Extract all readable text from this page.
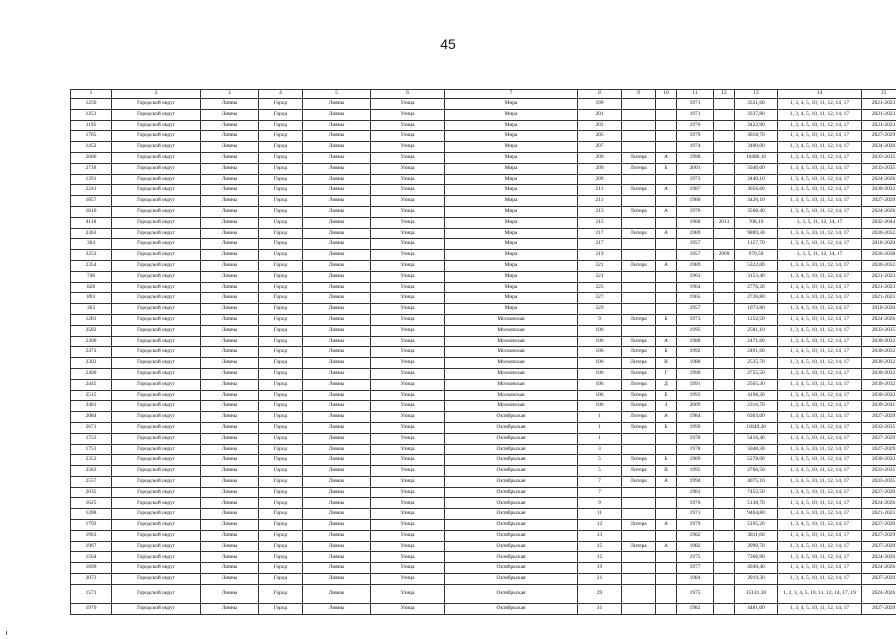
45
1	2	3	4	5	6	7	8	9	10	11	12	13	14	15
1250	Городской округ	Ливны	Город	Ливны	Улица	Мира	199			1971		3331,60	1, 3, 4, 5, 10, 11, 12, 14, 17	2021-2023
1251	Городской округ	Ливны	Город	Ливны	Улица	Мира	201			1971		3337,80	1, 3, 4, 5, 10, 11, 12, 14, 17	2021-2023
1195	Городской округ	Ливны	Город	Ливны	Улица	Мира	203			1970		3422,90	1, 3, 4, 5, 10, 11, 12, 14, 17	2021-2023
1785	Городской округ	Ливны	Город	Ливны	Улица	Мира	205			1979		3618,70	1, 3, 4, 5, 10, 11, 12, 14, 17	2027-2029
1452	Городской округ	Ливны	Город	Ливны	Улица	Мира	207			1974		3400,00	1, 3, 4, 5, 10, 11, 12, 14, 17	2024-2026
2666	Городской округ	Ливны	Город	Ливны	Улица	Мира	209	Литера	А	1998		10480,10	1, 3, 4, 5, 10, 11, 12, 14, 17	2033-2035
2718	Городской округ	Ливны	Город	Ливны	Улица	Мира	209	Литера	Б	2001		5640,00	1, 3, 4, 5, 10, 11, 12, 14, 17	2033-2035
1391	Городской округ	Ливны	Город	Ливны	Улица	Мира	209			1973		3440,10	1, 3, 4, 5, 10, 11, 12, 14, 17	2024-2026
2241	Городской округ	Ливны	Город	Ливны	Улица	Мира	211	Литера	А	1987		3056,60	1, 3, 4, 5, 10, 11, 12, 14, 17	2030-2032
1857	Городской округ	Ливны	Город	Ливны	Улица	Мира	211			1980		3426,10	1, 3, 4, 5, 10, 11, 12, 14, 17	2027-2029
1610	Городской округ	Ливны	Город	Ливны	Улица	Мира	213	Литера	А	1976		3568,40	1, 3, 4, 5, 10, 11, 12, 14, 17	2024-2026
4118	Городской округ	Ливны	Город	Ливны	Улица	Мира	215			1960	2013	708,10	1, 3, 5, 11, 12, 14, 17	2042-2044
2363	Городской округ	Ливны	Город	Ливны	Улица	Мира	217	Литера	А	1989		9889,30	1, 3, 4, 5, 10, 11, 12, 14, 17	2030-2032
364	Городской округ	Ливны	Город	Ливны	Улица	Мира	217			1957		1127,70	1, 3, 4, 5, 10, 11, 12, 14, 17	2018-2020
3253	Городской округ	Ливны	Город	Ливны	Улица	Мира	219			1957	2009	979,50	1, 3, 5, 11, 12, 14, 17	2036-2038
2354	Городской округ	Ливны	Город	Ливны	Улица	Мира	221	Литера	А	1989		5322,00	1, 3, 4, 5, 10, 11, 12, 14, 17	2030-2032
746	Городской округ	Ливны	Город	Ливны	Улица	Мира	221			1963		3153,40	1, 3, 4, 5, 10, 11, 12, 14, 17	2021-2023
828	Городской округ	Ливны	Город	Ливны	Улица	Мира	225			1964		2776,20	1, 3, 4, 5, 10, 11, 12, 14, 17	2021-2023
893	Городской округ	Ливны	Город	Ливны	Улица	Мира	227			1965		2726,80	1, 3, 4, 5, 10, 11, 12, 14, 17	2021-2023
363	Городской округ	Ливны	Город	Ливны	Улица	Мира	229			1957		1073,80	1, 3, 4, 5, 10, 11, 12, 14, 17	2018-2020
1281	Городской округ	Ливны	Город	Ливны	Улица	Московская	9	Литера	Б	1973		1252,50	1, 3, 4, 5, 10, 11, 12, 14, 17	2024-2026
2582	Городской округ	Ливны	Город	Ливны	Улица	Московская	100			1995		2581,10	1, 3, 4, 5, 10, 11, 12, 14, 17	2033-2035
2300	Городской округ	Ливны	Город	Ливны	Улица	Московская	106	Литера	А	1988		2471,60	1, 3, 4, 5, 10, 11, 12, 14, 17	2030-2032
2473	Городской округ	Ливны	Город	Ливны	Улица	Московская	106	Литера	Б	1992		2491,60	1, 3, 4, 5, 10, 11, 12, 14, 17	2030-2032
2302	Городской округ	Ливны	Город	Ливны	Улица	Московская	106	Литера	В	1988		2535,70	1, 3, 4, 5, 10, 11, 12, 14, 17	2030-2032
2400	Городской округ	Ливны	Город	Ливны	Улица	Московская	106	Литера	Г	1990		2755,50	1, 3, 4, 5, 10, 11, 12, 14, 17	2030-2032
2445	Городской округ	Ливны	Город	Ливны	Улица	Московская	106	Литера	Д	1991		2565,30	1, 3, 4, 5, 10, 11, 12, 14, 17	2030-2032
2515	Городской округ	Ливны	Город	Ливны	Улица	Московская	106	Литера	Е	1993		4198,30	1, 3, 4, 5, 10, 11, 12, 14, 17	2030-2032
3481	Городской округ	Ливны	Город	Ливны	Улица	Московская	106	Литера	З	2009		2316,70	1, 3, 4, 5, 10, 11, 12, 14, 17	2039-2041
2084	Городской округ	Ливны	Город	Ливны	Улица	Октябрьская	1	Литера	А	1984		6363,00	1, 3, 4, 5, 10, 11, 12, 14, 17	2027-2029
2671	Городской округ	Ливны	Город	Ливны	Улица	Октябрьская	1	Литера	Б	1999		11849,20	1, 3, 4, 5, 10, 11, 12, 14, 17	2033-2035
1753	Городской округ	Ливны	Город	Ливны	Улица	Октябрьская	1			1978		5416,40	1, 3, 4, 5, 10, 11, 12, 14, 17	2027-2029
1751	Городской округ	Ливны	Город	Ливны	Улица	Октябрьская	3			1978		5048,30	1, 3, 4, 5, 10, 11, 12, 14, 17	2027-2029
2353	Городской округ	Ливны	Город	Ливны	Улица	Октябрьская	5	Литера	Б	1989		5278,00	1, 3, 4, 5, 10, 11, 12, 14, 17	2030-2032
2583	Городской округ	Ливны	Город	Ливны	Улица	Октябрьская	5	Литера	В	1995		2766,50	1, 3, 4, 5, 10, 11, 12, 14, 17	2033-2035
2557	Городской округ	Ливны	Город	Ливны	Улица	Октябрьская	7	Литера	А	1994		4075,10	1, 3, 4, 5, 10, 11, 12, 14, 17	2033-2035
2035	Городской округ	Ливны	Город	Ливны	Улица	Октябрьская	7			1983		7452,50	1, 3, 4, 5, 10, 11, 12, 14, 17	2027-2029
1625	Городской округ	Ливны	Город	Ливны	Улица	Октябрьская	9			1976		5138,70	1, 3, 4, 5, 10, 11, 12, 14, 17	2024-2026
1288	Городской округ	Ливны	Город	Ливны	Улица	Октябрьская	11			1971		9464,80	1, 3, 4, 5, 10, 11, 12, 14, 17	2021-2023
1793	Городской округ	Ливны	Город	Ливны	Улица	Октябрьская	12	Литера	А	1979		5195,20	1, 3, 4, 5, 10, 11, 12, 14, 17	2027-2029
1963	Городской округ	Ливны	Город	Ливны	Улица	Октябрьская	13			1982		3811,60	1, 3, 4, 5, 10, 11, 12, 14, 17	2027-2029
1967	Городской округ	Ливны	Город	Ливны	Улица	Октябрьская	15	Литера	А	1982		3990,70	1, 3, 4, 5, 10, 11, 12, 14, 17	2027-2029
1564	Городской округ	Ливны	Город	Ливны	Улица	Октябрьская	15			1975		7366,90	1, 3, 4, 5, 10, 11, 12, 14, 17	2024-2026
1690	Городской округ	Ливны	Город	Ливны	Улица	Октябрьская	19			1977		4940,40	1, 3, 4, 5, 10, 11, 12, 14, 17	2024-2026
2073	Городской округ	Ливны	Город	Ливны	Улица	Октябрьская	21			1984		3919,30	1, 3, 4, 5, 10, 11, 12, 14, 17	2027-2029
1571	Городской округ	Ливны	Город	Ливны	Улица	Октябрьская	29			1975		15141,30	1, 2, 3, 4, 5, 10, 11, 12, 14, 17, 19	2024-2026
1970	Городской округ	Ливны	Город	Ливны	Улица	Октябрьская	31			1982		4481,00	1, 3, 4, 5, 10, 11, 12, 14, 17	2027-2029
